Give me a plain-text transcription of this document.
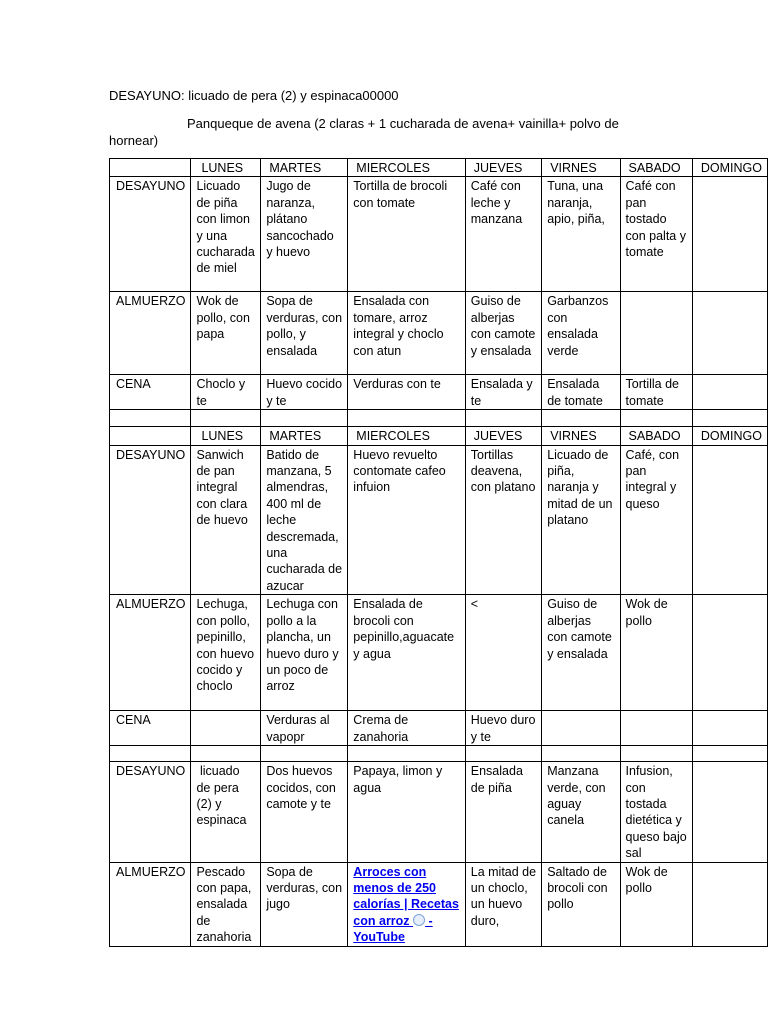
DESAYUNO: licuado de pera (2) y espinaca00000
Panqueque de avena (2 claras + 1 cucharada de avena+ vainilla+ polvo de
hornear)
	LUNES	MARTES	MIERCOLES	JUEVES	VIRNES	SABADO	DOMINGO
DESAYUNO	Licuado de piña con limon y una cucharada de miel	Jugo de naranza, plátano sancochado y huevo	Tortilla de brocoli con tomate	Café con leche y manzana	Tuna, una naranja, apio, piña,	Café con pan tostado con palta y tomate	
ALMUERZO	Wok de pollo, con papa	Sopa de verduras, con pollo, y ensalada	Ensalada con tomare, arroz integral y choclo con atun	Guiso de alberjas con camote y ensalada	Garbanzos con ensalada verde		
CENA	Choclo y te	Huevo cocido y te	Verduras con te	Ensalada y te	Ensalada de tomate	Tortilla de tomate	

	LUNES	MARTES	MIERCOLES	JUEVES	VIRNES	SABADO	DOMINGO
DESAYUNO	Sanwich de pan integral con clara de huevo	Batido de manzana, 5 almendras, 400 ml de leche descremada, una cucharada de azucar	Huevo revuelto contomate cafeo infuion	Tortillas deavena, con platano	Licuado de piña, naranja y mitad de un platano	Café, con pan integral y queso	
ALMUERZO	Lechuga, con pollo, pepinillo, con huevo cocido y choclo	Lechuga con pollo a la plancha, un huevo duro y un poco de arroz	Ensalada de brocoli con pepinillo,aguacate y agua	<	Guiso de alberjas con camote y ensalada	Wok de pollo	
CENA		Verduras al vapopr	Crema de zanahoria	Huevo duro y te			

DESAYUNO	licuado de pera (2) y espinaca	Dos huevos cocidos, con camote y te	Papaya, limon y agua	Ensalada de piña	Manzana verde, con aguay canela	Infusion, con tostada dietética y queso bajo sal	
ALMUERZO	Pescado con papa, ensalada de zanahoria	Sopa de verduras, con jugo	Arroces con menos de 250 calorías | Recetas con arroz  - YouTube	La mitad de un choclo, un huevo duro,	Saltado de brocoli con pollo	Wok de pollo	
